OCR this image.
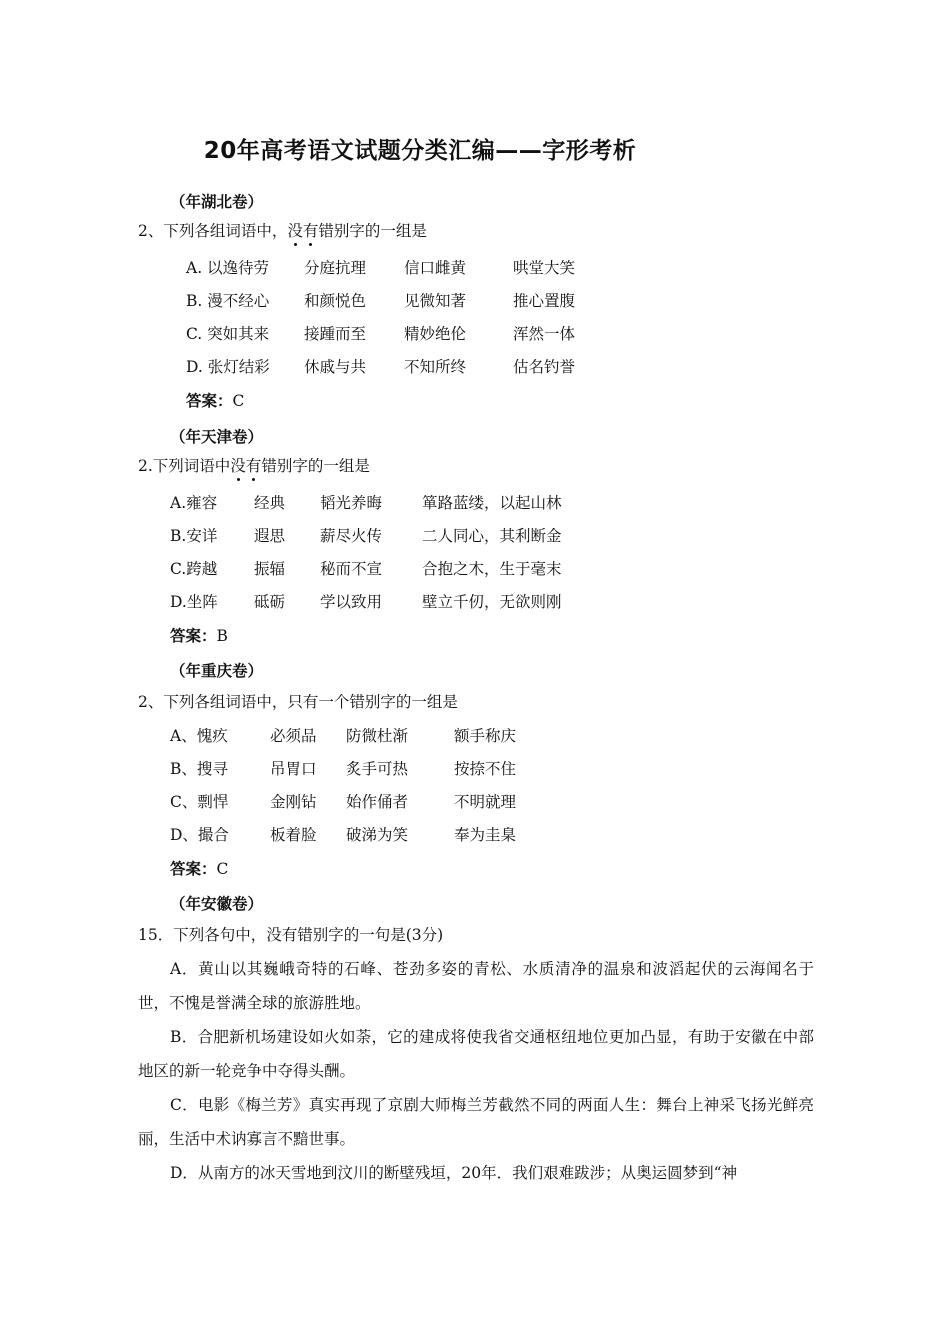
20年高考语文试题分类汇编——字形考析
（年湖北卷）
2、下列各组词语中，没有错别字的一组是
A. 以逸待劳 分庭抗理 信口雌黄	哄堂大笑
B. 漫不经心 和颜悦色 见微知著	推心置腹
C. 突如其来 接踵而至 精妙绝伦	浑然一体
D. 张灯结彩 休戚与共 不知所终	估名钓誉
答案：C
（年天津卷）
2.下列词语中没有错别字的一组是
A.雍容 经典 韬光养晦	箪路蓝缕，以起山林
B.安详 遐思 薪尽火传	二人同心，其利断金
C.跨越 振辐 秘而不宣	合抱之木，生于毫末
D.坐阵 砥砺 学以致用	壁立千仞，无欲则刚
答案：B
（年重庆卷）
2、下列各组词语中，只有一个错别字的一组是
A、愧疚	必须品 防微杜渐	额手称庆
B、搜寻	吊胃口 炙手可热	按捺不住
C、剽悍	金刚钻 始作俑者	不明就理
D、撮合	板着脸 破涕为笑	奉为圭臬
答案：C
（年安徽卷）
15．下列各句中，没有错别字的一句是(3分)
A．黄山以其巍峨奇特的石峰、苍劲多姿的青松、水质清净的温泉和波滔起伏的云海闻名于世，不愧是誉满全球的旅游胜地。
B．合肥新机场建设如火如荼，它的建成将使我省交通枢纽地位更加凸显，有助于安徽在中部地区的新一轮竞争中夺得头酬。
C．电影《梅兰芳》真实再现了京剧大师梅兰芳截然不同的两面人生：舞台上神采飞扬光鲜亮丽，生活中术讷寡言不黯世事。
D．从南方的冰天雪地到汶川的断壁残垣，20年．我们艰难跋涉；从奥运圆梦到“神
